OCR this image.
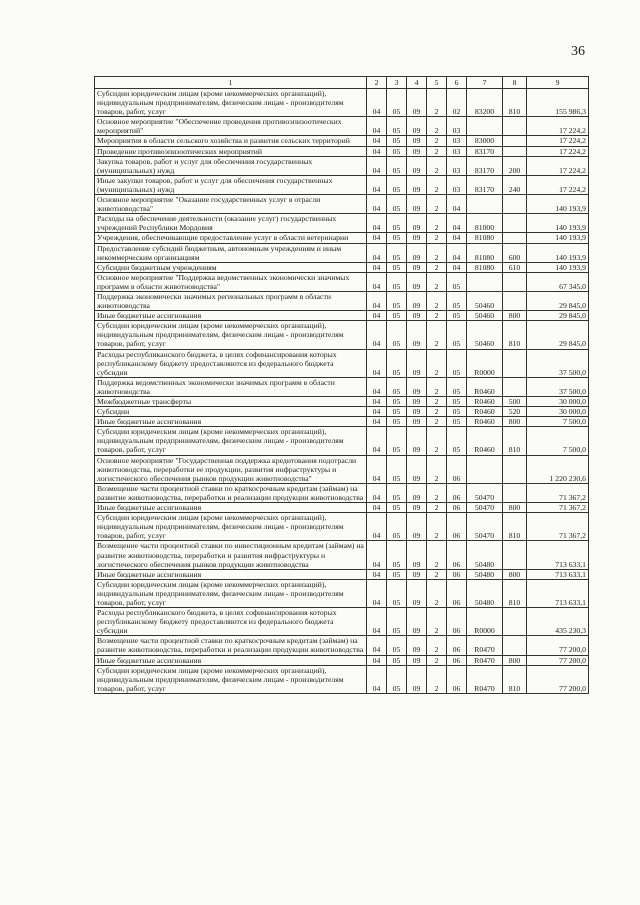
36
1	2	3	4	5	6	7	8	9
Субсидии юридическим лицам (кроме некоммерческих организаций), индивидуальным предпринимателям, физическим лицам - производителям товаров, работ, услуг	04	05	09	2	02	83200	810	155 986,3
Основное мероприятие "Обеспечение проведения противоэпизоотических мероприятий"	04	05	09	2	03			17 224,2
Мероприятия в области сельского хозяйства и развития сельских территорий	04	05	09	2	03	83000		17 224,2
Проведение противоэпизоотических мероприятий	04	05	09	2	03	83170		17 224,2
Закупка товаров, работ и услуг для обеспечения государственных (муниципальных) нужд	04	05	09	2	03	83170	200	17 224,2
Иные закупки товаров, работ и услуг для обеспечения государственных (муниципальных) нужд	04	05	09	2	03	83170	240	17 224,2
Основное мероприятие "Оказание государственных услуг в отрасли животноводства"	04	05	09	2	04			140 193,9
Расходы на обеспечение деятельности (оказание услуг) государственных учреждений Республики Мордовия	04	05	09	2	04	81000		140 193,9
Учреждения, обеспечивающие предоставление услуг в области ветеринарии	04	05	09	2	04	81080		140 193,9
Предоставление субсидий бюджетным, автономным учреждениям и иным некоммерческим организациям	04	05	09	2	04	81080	600	140 193,9
Субсидии бюджетным учреждениям	04	05	09	2	04	81080	610	140 193,9
Основное мероприятие "Поддержка ведомственных экономически значимых программ в области животноводства"	04	05	09	2	05			67 345,0
Поддержка экономически значимых региональных программ в области животноводства	04	05	09	2	05	50460		29 845,0
Иные бюджетные ассигнования	04	05	09	2	05	50460	800	29 845,0
Субсидии юридическим лицам (кроме некоммерческих организаций), индивидуальным предпринимателям, физическим лицам - производителям товаров, работ, услуг	04	05	09	2	05	50460	810	29 845,0
Расходы республиканского бюджета, в целях софинансирования которых республиканскому бюджету предоставляются из федерального бюджета субсидии	04	05	09	2	05	R0000		37 500,0
Поддержка ведомственных экономически значимых программ в области животноводства	04	05	09	2	05	R0460		37 500,0
Межбюджетные трансферты	04	05	09	2	05	R0460	500	30 000,0
Субсидии	04	05	09	2	05	R0460	520	30 000,0
Иные бюджетные ассигнования	04	05	09	2	05	R0460	800	7 500,0
Субсидии юридическим лицам (кроме некоммерческих организаций), индивидуальным предпринимателям, физическим лицам - производителям товаров, работ, услуг	04	05	09	2	05	R0460	810	7 500,0
Основное мероприятие "Государственная поддержка кредитования подотрасли животноводства, переработки ее продукции, развития инфраструктуры и логистического обеспечения рынков продукции животноводства"	04	05	09	2	06			1 220 230,6
Возмещение части процентной ставки по краткосрочным кредитам (займам) на развитие животноводства, переработки и реализации продукции животноводства	04	05	09	2	06	50470		71 367,2
Иные бюджетные ассигнования	04	05	09	2	06	50470	800	71 367,2
Субсидии юридическим лицам (кроме некоммерческих организаций), индивидуальным предпринимателям, физическим лицам - производителям товаров, работ, услуг	04	05	09	2	06	50470	810	71 367,2
Возмещение части процентной ставки по инвестиционным кредитам (займам) на развитие животноводства, переработки и развития инфраструктуры и логистического обеспечения рынков продукции животноводства	04	05	09	2	06	50480		713 633,1
Иные бюджетные ассигнования	04	05	09	2	06	50480	800	713 633,1
Субсидии юридическим лицам (кроме некоммерческих организаций), индивидуальным предпринимателям, физическим лицам - производителям товаров, работ, услуг	04	05	09	2	06	50480	810	713 633,1
Расходы республиканского бюджета, в целях софинансирования которых республиканскому бюджету предоставляются из федерального бюджета субсидии	04	05	09	2	06	R0000		435 230,3
Возмещение части процентной ставки по краткосрочным кредитам (займам) на развитие животноводства, переработки и реализации продукции животноводства	04	05	09	2	06	R0470		77 200,0
Иные бюджетные ассигнования	04	05	09	2	06	R0470	800	77 200,0
Субсидии юридическим лицам (кроме некоммерческих организаций), индивидуальным предпринимателям, физическим лицам - производителям товаров, работ, услуг	04	05	09	2	06	R0470	810	77 200,0
